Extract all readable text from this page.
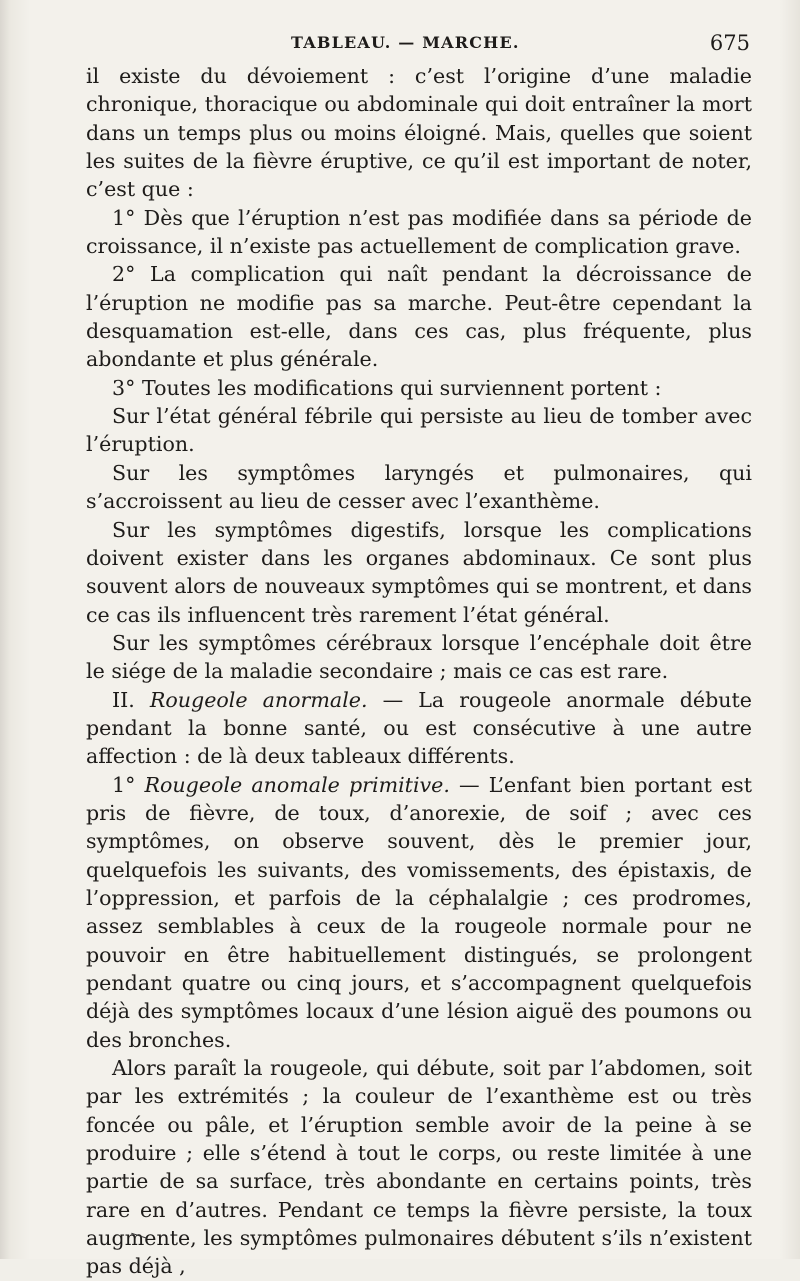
TABLEAU. — MARCHE.	675

il existe du dévoiement : c’est l’origine d’une maladie chronique, thoracique ou abdominale qui doit entraîner la mort dans un temps plus ou moins éloigné. Mais, quelles que soient les suites de la fièvre éruptive, ce qu’il est important de noter, c’est que :

1° Dès que l’éruption n’est pas modifiée dans sa période de croissance, il n’existe pas actuellement de complication grave.

2° La complication qui naît pendant la décroissance de l’éruption ne modifie pas sa marche. Peut-être cependant la desquamation est-elle, dans ces cas, plus fréquente, plus abondante et plus générale.

3° Toutes les modifications qui surviennent portent :

Sur l’état général fébrile qui persiste au lieu de tomber avec l’éruption.

Sur les symptômes laryngés et pulmonaires, qui s’accroissent au lieu de cesser avec l’exanthème.

Sur les symptômes digestifs, lorsque les complications doivent exister dans les organes abdominaux. Ce sont plus souvent alors de nouveaux symptômes qui se montrent, et dans ce cas ils influencent très rarement l’état général.

Sur les symptômes cérébraux lorsque l’encéphale doit être le siége de la maladie secondaire ; mais ce cas est rare.

II. Rougeole anormale. — La rougeole anormale débute pendant la bonne santé, ou est consécutive à une autre affection : de là deux tableaux différents.

1° Rougeole anomale primitive. — L’enfant bien portant est pris de fièvre, de toux, d’anorexie, de soif ; avec ces symptômes, on observe souvent, dès le premier jour, quelquefois les suivants, des vomissements, des épistaxis, de l’oppression, et parfois de la céphalalgie ; ces prodromes, assez semblables à ceux de la rougeole normale pour ne pouvoir en être habituellement distingués, se prolongent pendant quatre ou cinq jours, et s’accompagnent quelquefois déjà des symptômes locaux d’une lésion aiguë des poumons ou des bronches.

Alors paraît la rougeole, qui débute, soit par l’abdomen, soit par les extrémités ; la couleur de l’exanthème est ou très foncée ou pâle, et l’éruption semble avoir de la peine à se produire ; elle s’étend à tout le corps, ou reste limitée à une partie de sa surface, très abondante en certains points, très rare en d’autres. Pendant ce temps la fièvre persiste, la toux augmente, les symptômes pulmonaires débutent s’ils n’existent pas déjà ,
